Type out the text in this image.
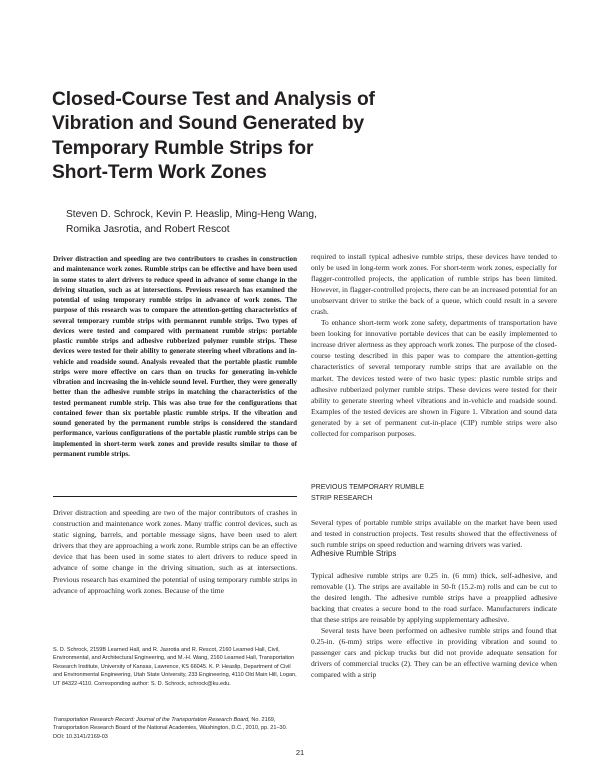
Closed-Course Test and Analysis of
Vibration and Sound Generated by
Temporary Rumble Strips for
Short-Term Work Zones
Steven D. Schrock, Kevin P. Heaslip, Ming-Heng Wang,
Romika Jasrotia, and Robert Rescot
Driver distraction and speeding are two contributors to crashes in construction and maintenance work zones. Rumble strips can be effective and have been used in some states to alert drivers to reduce speed in advance of some change in the driving situation, such as at intersections. Previous research has examined the potential of using temporary rumble strips in advance of work zones. The purpose of this research was to compare the attention-getting characteristics of several temporary rumble strips with permanent rumble strips. Two types of devices were tested and compared with permanent rumble strips: portable plastic rumble strips and adhesive rubberized polymer rumble strips. These devices were tested for their ability to generate steering wheel vibrations and in-vehicle and roadside sound. Analysis revealed that the portable plastic rumble strips were more effective on cars than on trucks for generating in-vehicle vibration and increasing the in-vehicle sound level. Further, they were generally better than the adhesive rumble strips in matching the characteristics of the tested permanent rumble strip. This was also true for the configurations that contained fewer than six portable plastic rumble strips. If the vibration and sound generated by the permanent rumble strips is considered the standard performance, various configurations of the portable plastic rumble strips can be implemented in short-term work zones and provide results similar to those of permanent rumble strips.

Driver distraction and speeding are two of the major contributors of crashes in construction and maintenance work zones. Many traffic control devices, such as static signing, barrels, and portable message signs, have been used to alert drivers that they are approaching a work zone. Rumble strips can be an effective device that has been used in some states to alert drivers to reduce speed in advance of some change in the driving situation, such as at intersections. Previous research has examined the potential of using temporary rumble strips in advance of approaching work zones. Because of the time

S. D. Schrock, 2159B Learned Hall, and R. Jasrotia and R. Rescot, 2160 Learned Hall, Civil, Environmental, and Architectural Engineering, and M.-H. Wang, 2160 Learned Hall, Transportation Research Institute, University of Kansas, Lawrence, KS 66045. K. P. Heaslip, Department of Civil and Environmental Engineering, Utah State University, 233 Engineering, 4110 Old Main Hill, Logan, UT 84322-4110. Corresponding author: S. D. Schrock, schrock@ku.edu.

Transportation Research Record: Journal of the Transportation Research Board, No. 2169, Transportation Research Board of the National Academies, Washington, D.C., 2010, pp. 21–30.

DOI: 10.3141/2169-03

required to install typical adhesive rumble strips, these devices have tended to only be used in long-term work zones. For short-term work zones, especially for flagger-controlled projects, the application of rumble strips has been limited. However, in flagger-controlled projects, there can be an increased potential for an unobservant driver to strike the back of a queue, which could result in a severe crash.

To enhance short-term work zone safety, departments of transportation have been looking for innovative portable devices that can be easily implemented to increase driver alertness as they approach work zones. The purpose of the closed-course testing described in this paper was to compare the attention-getting characteristics of several temporary rumble strips that are available on the market. The devices tested were of two basic types: plastic rumble strips and adhesive rubberized polymer rumble strips. These devices were tested for their ability to generate steering wheel vibrations and in-vehicle and roadside sound. Examples of the tested devices are shown in Figure 1. Vibration and sound data generated by a set of permanent cut-in-place (CIP) rumble strips were also collected for comparison purposes.

PREVIOUS TEMPORARY RUMBLE
STRIP RESEARCH

Several types of portable rumble strips available on the market have been used and tested in construction projects. Test results showed that the effectiveness of such rumble strips on speed reduction and warning drivers was varied.

Adhesive Rumble Strips

Typical adhesive rumble strips are 0.25 in. (6 mm) thick, self-adhesive, and removable (1). The strips are available in 50-ft (15.2-m) rolls and can be cut to the desired length. The adhesive rumble strips have a preapplied adhesive backing that creates a secure bond to the road surface. Manufacturers indicate that these strips are reusable by applying supplementary adhesive.

Several tests have been performed on adhesive rumble strips and found that 0.25-in. (6-mm) strips were effective in providing vibration and sound to passenger cars and pickup trucks but did not provide adequate sensation for drivers of commercial trucks (2). They can be an effective warning device when compared with a strip

21
